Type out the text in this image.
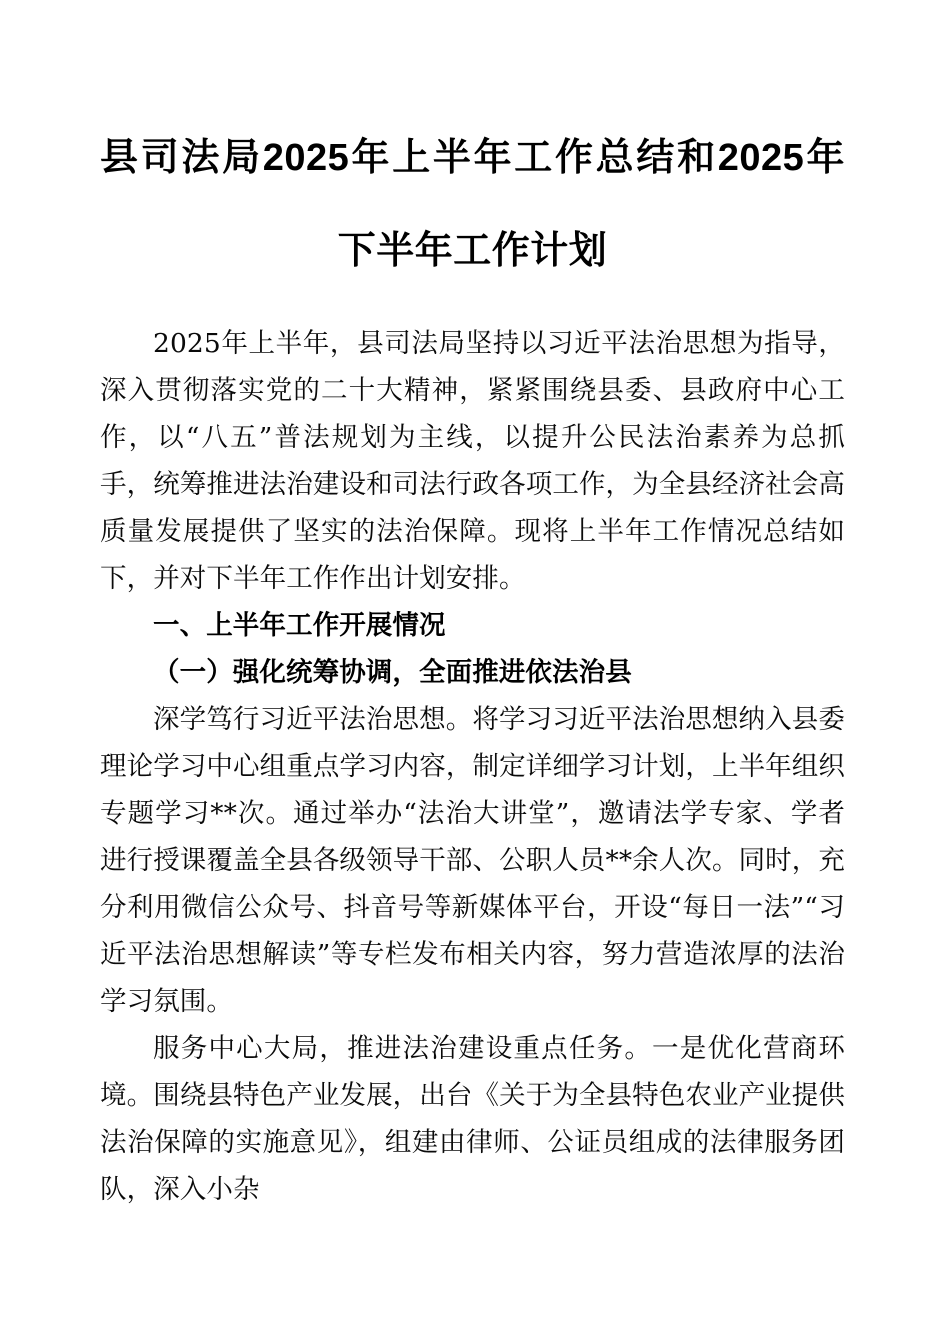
县司法局2025年上半年工作总结和2025年下半年工作计划

2025年上半年，县司法局坚持以习近平法治思想为指导，深入贯彻落实党的二十大精神，紧紧围绕县委、县政府中心工作，以“八五”普法规划为主线，以提升公民法治素养为总抓手，统筹推进法治建设和司法行政各项工作，为全县经济社会高质量发展提供了坚实的法治保障。现将上半年工作情况总结如下，并对下半年工作作出计划安排。

一、上半年工作开展情况
（一）强化统筹协调，全面推进依法治县

深学笃行习近平法治思想。将学习习近平法治思想纳入县委理论学习中心组重点学习内容，制定详细学习计划，上半年组织专题学习**次。通过举办“法治大讲堂”，邀请法学专家、学者进行授课覆盖全县各级领导干部、公职人员**余人次。同时，充分利用微信公众号、抖音号等新媒体平台，开设“每日一法”“习近平法治思想解读”等专栏发布相关内容，努力营造浓厚的法治学习氛围。

服务中心大局，推进法治建设重点任务。一是优化营商环境。围绕县特色产业发展，出台《关于为全县特色农业产业提供法治保障的实施意见》，组建由律师、公证员组成的法律服务团队，深入小杂
